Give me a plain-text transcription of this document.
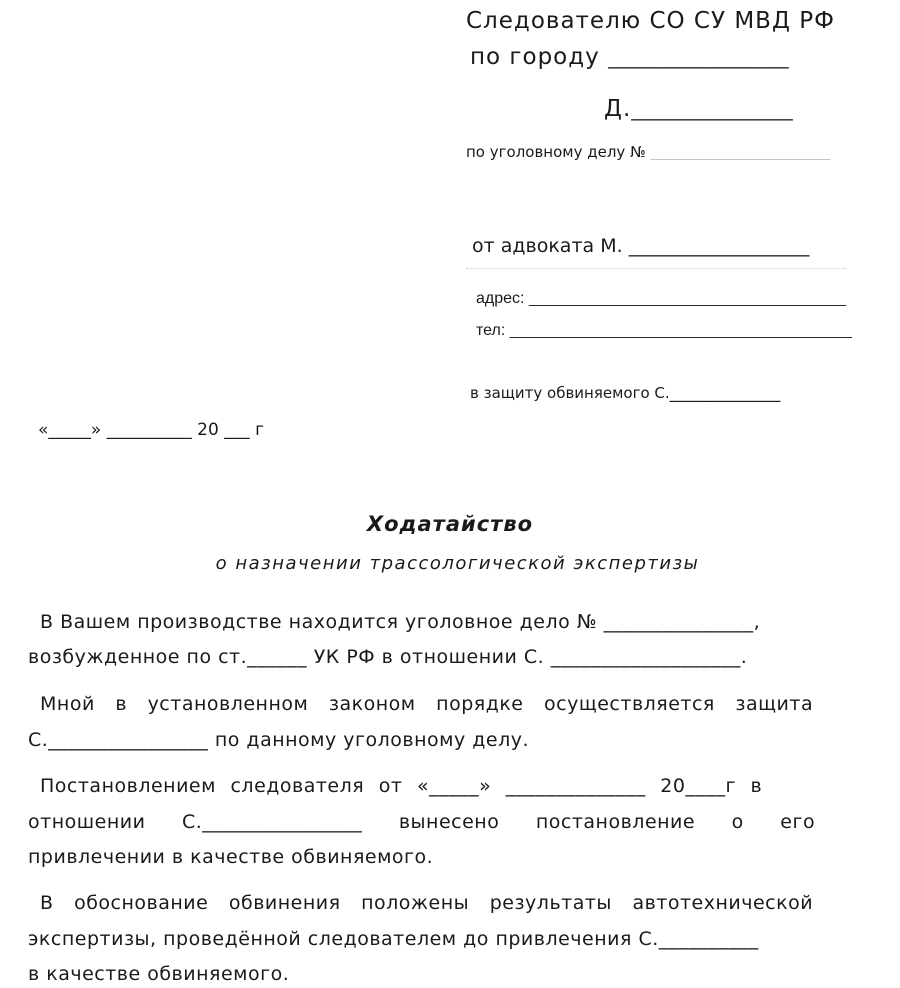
Следователю СО СУ МВД РФ
по городу ___________________
Д._________________
по уголовному делу № ______________________________
от адвоката М. ___________________
адрес: ______________________________________
тел: _________________________________________
в защиту обвиняемого С._____________
«_____» __________ 20 ___ г
Ходатайство
о назначении трассологической экспертизы
В Вашем производстве находится уголовное дело № _______________,
возбужденное по ст.______ УК РФ в отношении С. ___________________.
Мной в установленном законом порядке осуществляется защита
С.________________ по данному уголовному делу.
Постановлением следователя от «_____» ______________ 20____г в
отношении С.________________ вынесено постановление о его
привлечении в качестве обвиняемого.
В обоснование обвинения положены результаты автотехнической
экспертизы, проведённой следователем до привлечения С.__________
в качестве обвиняемого.
